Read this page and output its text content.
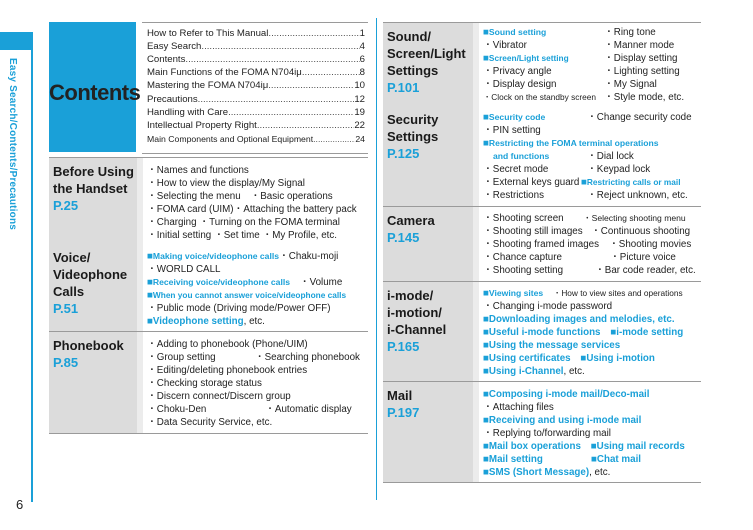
Easy Search/Contents/Precautions
6
Contents
How to Refer to This Manual .....	1
Easy Search .....	4
Contents .....	6
Main Functions of the FOMA N704iμ .....	8
Mastering the FOMA N704iμ .....	10
Precautions .....	12
Handling with Care .....	19
Intellectual Property Right .....	22
Main Components and Optional Equipment .....	24
Before Using
the Handset
P.25
・Names and functions
・How to view the display/My Signal
・Selecting the menu　・Basic operations
・FOMA card (UIM)・Attaching the battery pack
・Charging ・Turning on the FOMA terminal
・Initial setting ・Set time ・My Profile, etc.
Voice/
Videophone
Calls
P.51
■Making voice/videophone calls・Chaku-moji
・WORLD CALL
■Receiving voice/videophone calls　 ・Volume
■When you cannot answer voice/videophone calls
・Public mode (Driving mode/Power OFF)
■Videophone setting, etc.
Phonebook
P.85
・Adding to phonebook (Phone/UIM)
・Group setting　　　　・Searching phonebook
・Editing/deleting phonebook entries
・Checking storage status
・Discern connect/Discern group
・Choku-Den　　　　　　・Automatic display
・Data Security Service, etc.
Sound/
Screen/Light
Settings
P.101
■Sound setting
・Vibrator
■Screen/Light setting
・Privacy angle
・Display design
・Clock on the standby screen
・Ring tone
・Manner mode
・Display setting
・Lighting setting
・My Signal
・Style mode, etc.
Security
Settings
P.125
■Security code
・PIN setting
■Restricting the FOMA terminal operations
and functions
・Secret mode
・External keys guard
・Restrictions
・Change security code
・Dial lock
・Keypad lock
■Restricting calls or mail
・Reject unknown, etc.
Camera
P.145
・Shooting screen
・Shooting still images
・Shooting framed images
・Chance capture
・Shooting setting
・Selecting shooting menu
・Continuous shooting
・Shooting movies
・Picture voice
・Bar code reader, etc.
i-mode/
i-motion/
i-Channel
P.165
■Viewing sites　 ・How to view sites and operations
・Changing i-mode password
■Downloading images and melodies, etc.
■Useful i-mode functions　 ■i-mode setting
■Using the message services
■Using certificates　 ■Using i-motion
■Using i-Channel, etc.
Mail
P.197
■Composing i-mode mail/Deco-mail
・Attaching files
■Receiving and using i-mode mail
・Replying to/forwarding mail
■Mail box operations　 ■Using mail records
■Mail setting	■Chat mail
■SMS (Short Message), etc.
